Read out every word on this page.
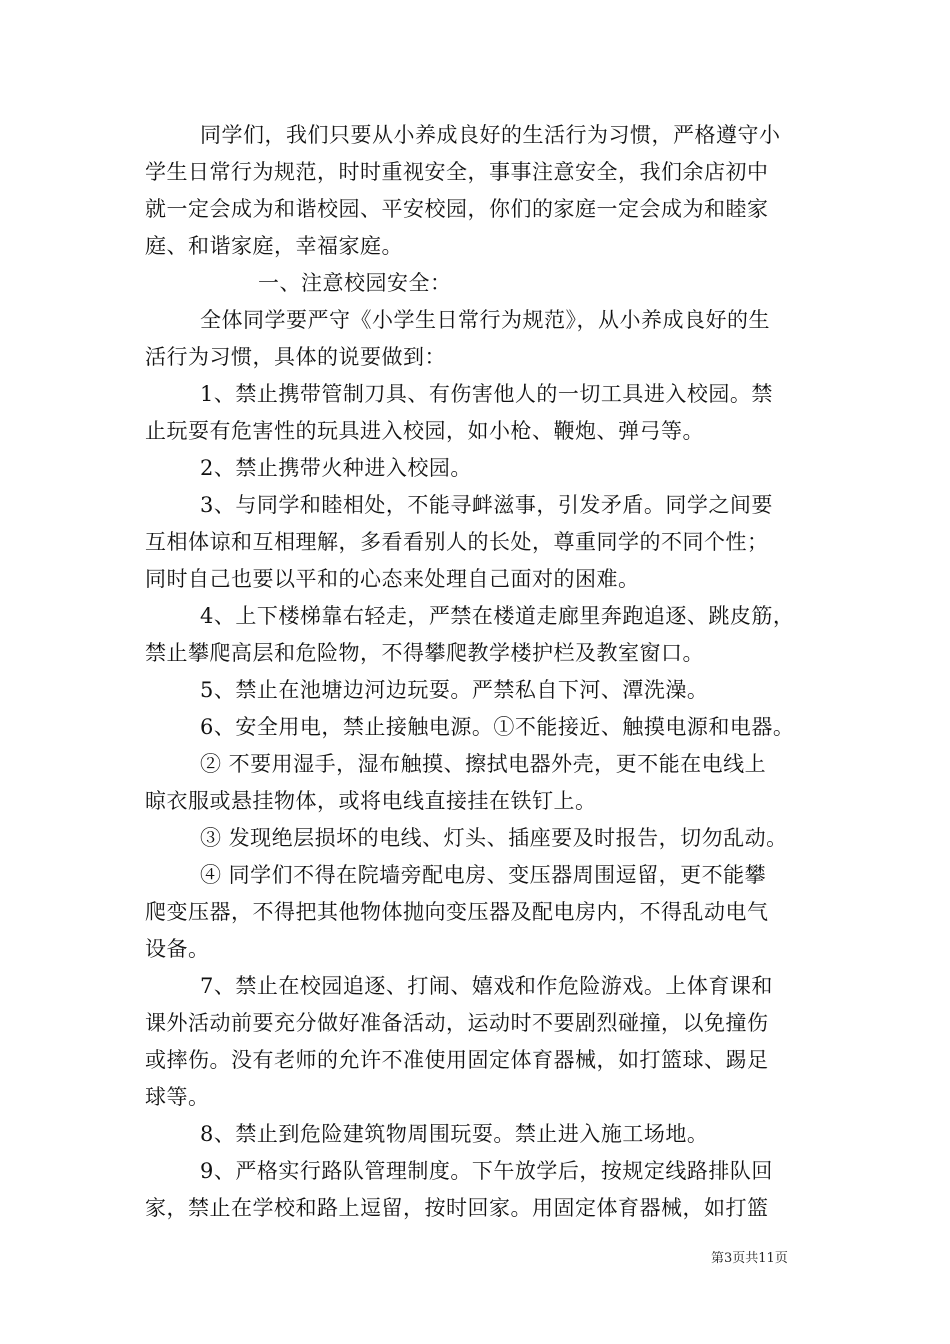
同学们，我们只要从小养成良好的生活行为习惯，严格遵守小

学生日常行为规范，时时重视安全，事事注意安全，我们余店初中

就一定会成为和谐校园、平安校园，你们的家庭一定会成为和睦家

庭、和谐家庭，幸福家庭。

一、注意校园安全：

全体同学要严守《小学生日常行为规范》，从小养成良好的生

活行为习惯，具体的说要做到：

1、禁止携带管制刀具、有伤害他人的一切工具进入校园。禁

止玩耍有危害性的玩具进入校园，如小枪、鞭炮、弹弓等。

2、禁止携带火种进入校园。

3、与同学和睦相处，不能寻衅滋事，引发矛盾。同学之间要

互相体谅和互相理解，多看看别人的长处，尊重同学的不同个性；

同时自己也要以平和的心态来处理自己面对的困难。

4、上下楼梯靠右轻走，严禁在楼道走廊里奔跑追逐、跳皮筋，

禁止攀爬高层和危险物，不得攀爬教学楼护栏及教室窗口。

5、禁止在池塘边河边玩耍。严禁私自下河、潭洗澡。

6、安全用电，禁止接触电源。①不能接近、触摸电源和电器。

② 不要用湿手，湿布触摸、擦拭电器外壳，更不能在电线上

晾衣服或悬挂物体，或将电线直接挂在铁钉上。

③ 发现绝层损坏的电线、灯头、插座要及时报告，切勿乱动。

④ 同学们不得在院墙旁配电房、变压器周围逗留，更不能攀

爬变压器，不得把其他物体抛向变压器及配电房内，不得乱动电气

设备。

7、禁止在校园追逐、打闹、嬉戏和作危险游戏。上体育课和

课外活动前要充分做好准备活动，运动时不要剧烈碰撞，以免撞伤

或摔伤。没有老师的允许不准使用固定体育器械，如打篮球、踢足

球等。

8、禁止到危险建筑物周围玩耍。禁止进入施工场地。

9、严格实行路队管理制度。下午放学后，按规定线路排队回

家，禁止在学校和路上逗留，按时回家。用固定体育器械，如打篮

第3页共11页
